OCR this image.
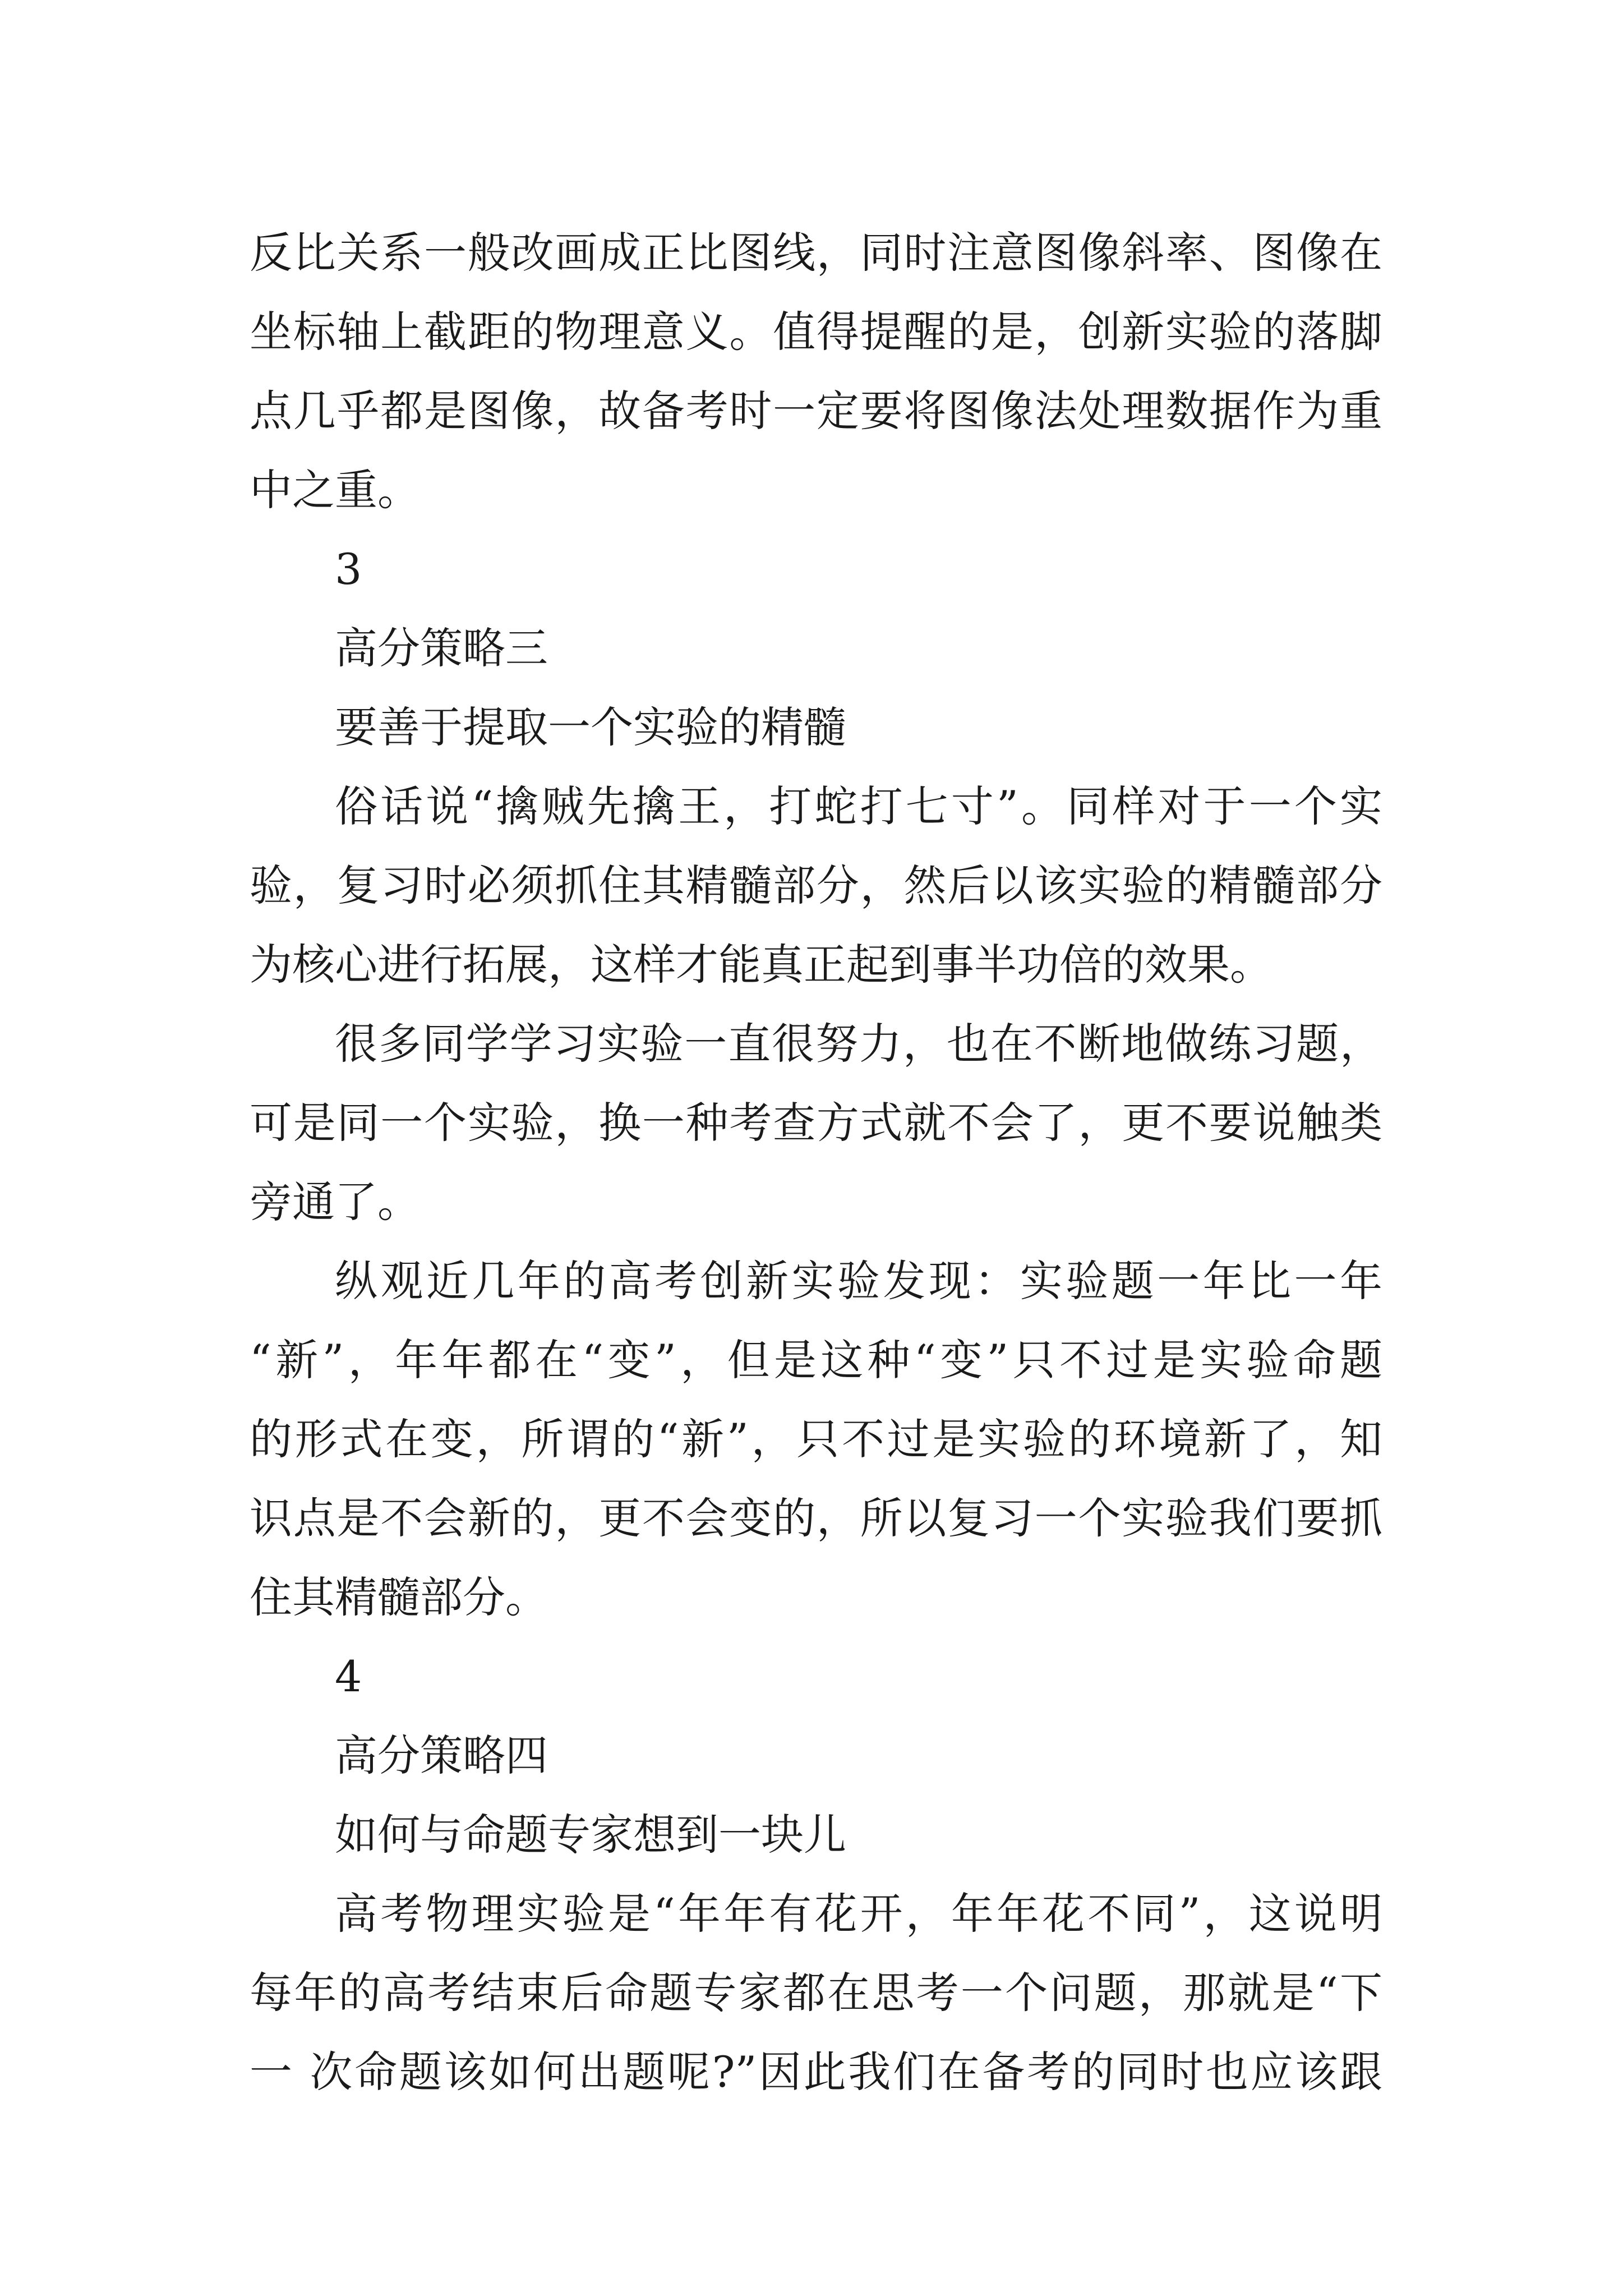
反比关系一般改画成正比图线，同时注意图像斜率、图像在
坐标轴上截距的物理意义。值得提醒的是，创新实验的落脚
点几乎都是图像，故备考时一定要将图像法处理数据作为重
中之重。
3
高分策略三
要善于提取一个实验的精髓
俗话说“擒贼先擒王，打蛇打七寸”。同样对于一个实
验，复习时必须抓住其精髓部分，然后以该实验的精髓部分
为核心进行拓展，这样才能真正起到事半功倍的效果。
很多同学学习实验一直很努力，也在不断地做练习题，
可是同一个实验，换一种考查方式就不会了，更不要说触类
旁通了。
纵观近几年的高考创新实验发现：实验题一年比一年
“新”，年年都在“变”，但是这种“变”只不过是实验命题
的形式在变，所谓的“新”，只不过是实验的环境新了，知
识点是不会新的，更不会变的，所以复习一个实验我们要抓
住其精髓部分。
4
高分策略四
如何与命题专家想到一块儿
高考物理实验是“年年有花开，年年花不同”，这说明
每年的高考结束后命题专家都在思考一个问题，那就是“下
一 次命题该如何出题呢?”因此我们在备考的同时也应该跟
